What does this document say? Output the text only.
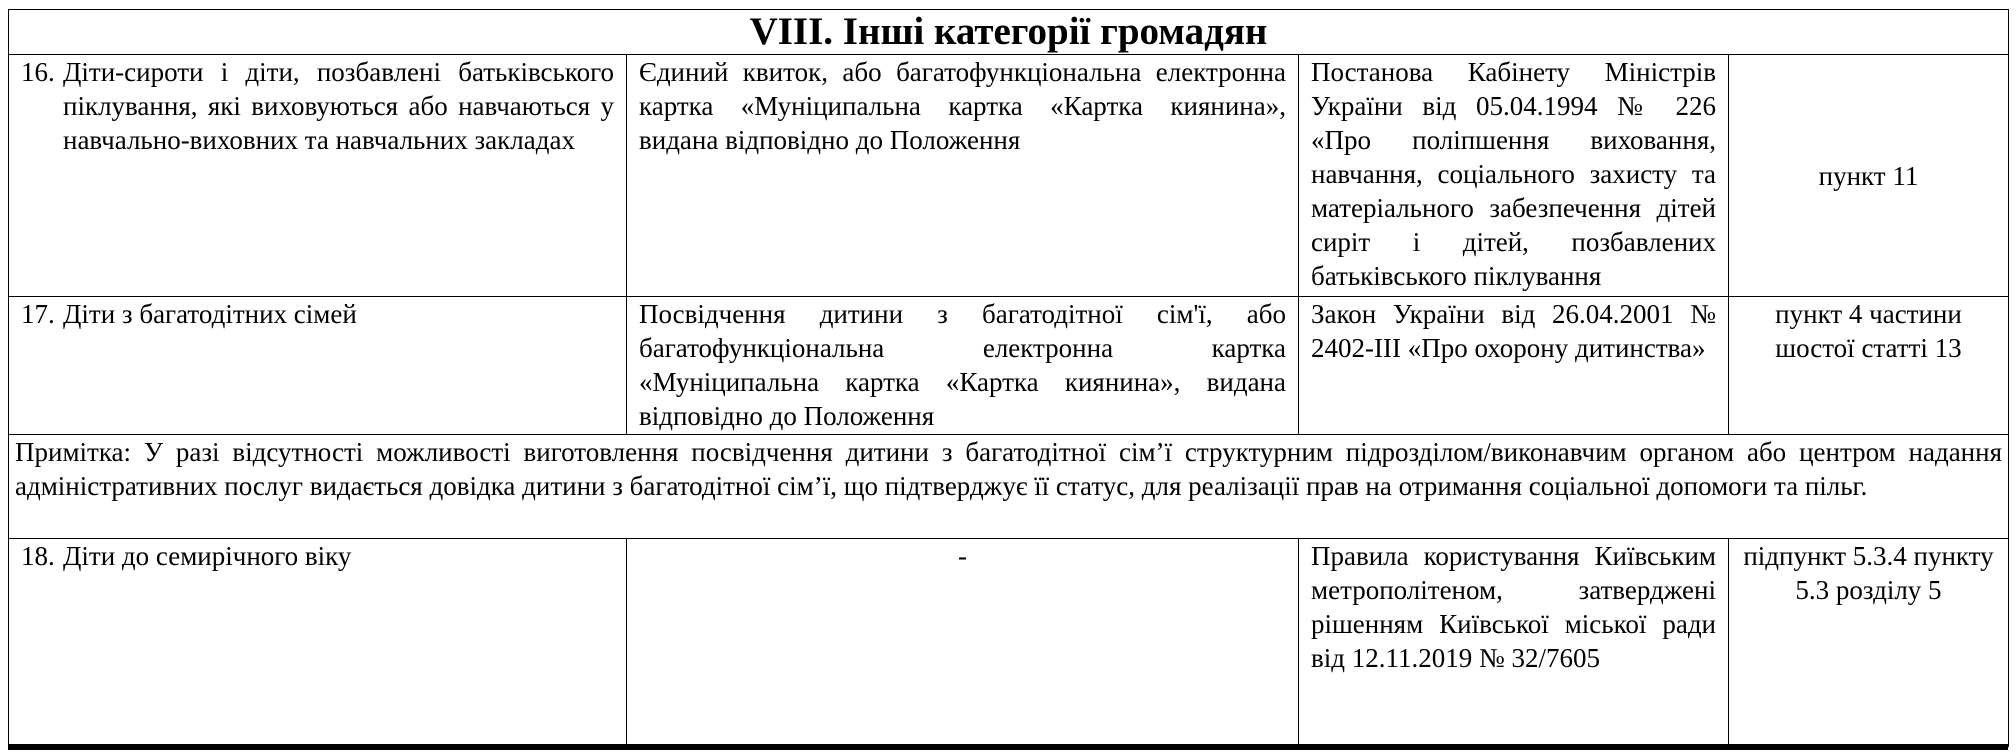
VIII. Інші категорії громадян			

16. Діти-сироти і діти, позбавлені батьківського піклування, які виховуються або навчаються у навчально-виховних та навчальних закладах	Єдиний квиток, або багатофункціональна електронна картка «Муніципальна картка «Картка киянина», видана відповідно до Положення	Постанова Кабінету Міністрів України від 05.04.1994 № 226 «Про поліпшення виховання, навчання, соціального захисту та матеріального забезпечення дітей сиріт і дітей, позбавлених батьківського піклування	пункт 11

17. Діти з багатодітних сімей	Посвідчення дитини з багатодітної сім'ї, або багатофункціональна електронна картка «Муніципальна картка «Картка киянина», видана відповідно до Положення	Закон України від 26.04.2001 № 2402-III «Про охорону дитинства»	пункт 4 частини шостої статті 13
Примітка: У разі відсутності можливості виготовлення посвідчення дитини з багатодітної сім’ї структурним підрозділом/виконавчим органом або центром надання адміністративних послуг видається довідка дитини з багатодітної сім’ї, що підтверджує її статус, для реалізації прав на отримання соціальної допомоги та пільг.			

18. Діти до семирічного віку	-	Правила користування Київським метрополітеном, затверджені рішенням Київської міської ради від 12.11.2019 № 32/7605	підпункт 5.3.4 пункту 5.3 розділу 5
